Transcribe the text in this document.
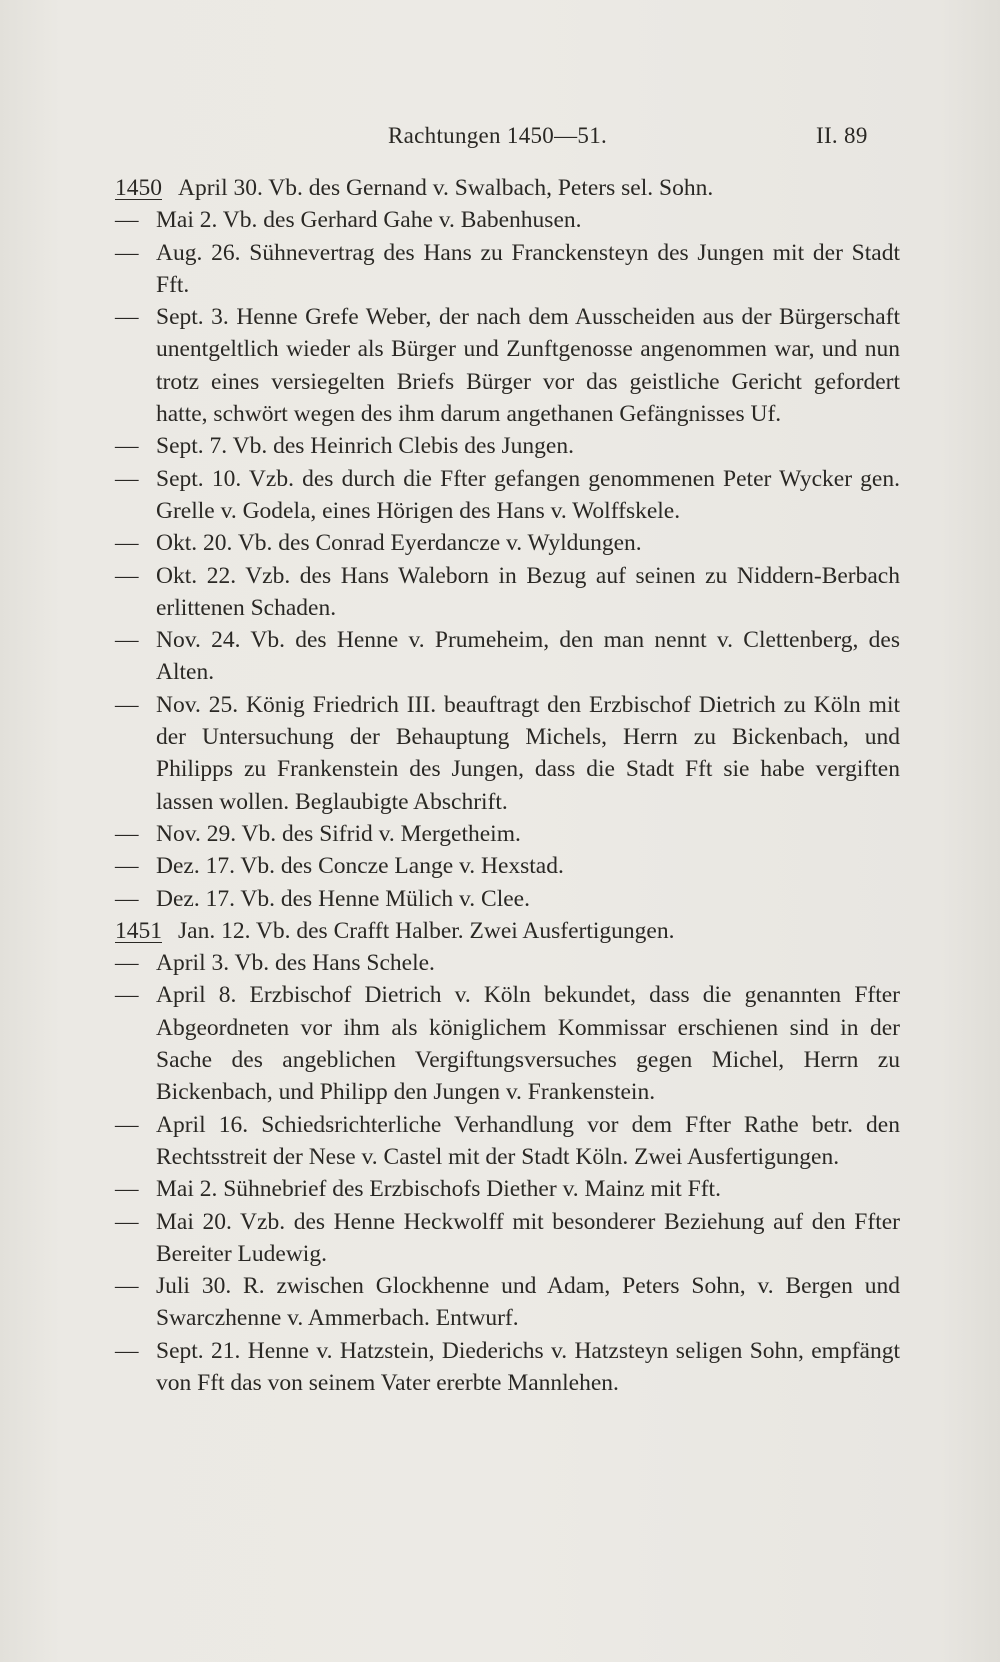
Rachtungen 1450—51.	II. 89
1450 April 30. Vb. des Gernand v. Swalbach, Peters sel. Sohn.
— Mai 2. Vb. des Gerhard Gahe v. Babenhusen.
— Aug. 26. Sühnevertrag des Hans zu Franckensteyn des Jungen mit der Stadt Fft.
— Sept. 3. Henne Grefe Weber, der nach dem Ausscheiden aus der Bürgerschaft unentgeltlich wieder als Bürger und Zunftgenosse angenommen war, und nun trotz eines versiegelten Briefs Bürger vor das geistliche Gericht gefordert hatte, schwört wegen des ihm darum angethanen Gefängnisses Uf.
— Sept. 7. Vb. des Heinrich Clebis des Jungen.
— Sept. 10. Vzb. des durch die Ffter gefangen genommenen Peter Wycker gen. Grelle v. Godela, eines Hörigen des Hans v. Wolffskele.
— Okt. 20. Vb. des Conrad Eyerdancze v. Wyldungen.
— Okt. 22. Vzb. des Hans Waleborn in Bezug auf seinen zu Niddern-Berbach erlittenen Schaden.
— Nov. 24. Vb. des Henne v. Prumeheim, den man nennt v. Clettenberg, des Alten.
— Nov. 25. König Friedrich III. beauftragt den Erzbischof Dietrich zu Köln mit der Untersuchung der Behauptung Michels, Herrn zu Bickenbach, und Philipps zu Frankenstein des Jungen, dass die Stadt Fft sie habe vergiften lassen wollen. Beglaubigte Abschrift.
— Nov. 29. Vb. des Sifrid v. Mergetheim.
— Dez. 17. Vb. des Concze Lange v. Hexstad.
— Dez. 17. Vb. des Henne Mülich v. Clee.
1451 Jan. 12. Vb. des Crafft Halber. Zwei Ausfertigungen.
— April 3. Vb. des Hans Schele.
— April 8. Erzbischof Dietrich v. Köln bekundet, dass die genannten Ffter Abgeordneten vor ihm als königlichem Kommissar erschienen sind in der Sache des angeblichen Vergiftungsversuches gegen Michel, Herrn zu Bickenbach, und Philipp den Jungen v. Frankenstein.
— April 16. Schiedsrichterliche Verhandlung vor dem Ffter Rathe betr. den Rechtsstreit der Nese v. Castel mit der Stadt Köln. Zwei Ausfertigungen.
— Mai 2. Sühnebrief des Erzbischofs Diether v. Mainz mit Fft.
— Mai 20. Vzb. des Henne Heckwolff mit besonderer Beziehung auf den Ffter Bereiter Ludewig.
— Juli 30. R. zwischen Glockhenne und Adam, Peters Sohn, v. Bergen und Swarczhenne v. Ammerbach. Entwurf.
— Sept. 21. Henne v. Hatzstein, Diederichs v. Hatzsteyn seligen Sohn, empfängt von Fft das von seinem Vater ererbte Mannlehen.
